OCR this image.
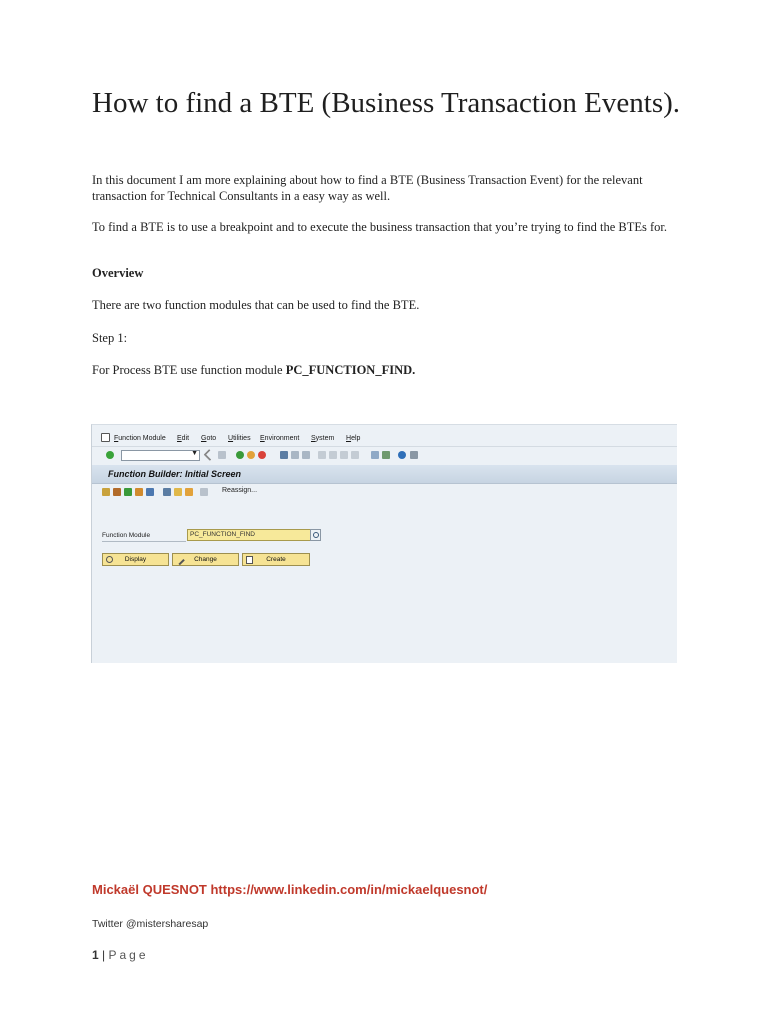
How to find a BTE (Business Transaction Events).

In this document I am more explaining about how to find a BTE (Business Transaction Event) for the relevant transaction for Technical Consultants in a easy way as well.

To find a BTE is to use a breakpoint and to execute the business transaction that you’re trying to find the BTEs for.

Overview

There are two function modules that can be used to find the BTE.

Step 1:

For Process BTE use function module PC_FUNCTION_FIND.

Function Module Edit Goto Utilities Environment System Help
▼
Function Builder: Initial Screen
Reassign...
Function Module	PC_FUNCTION_FIND
Display	Change	Create
Mickaël QUESNOT https://www.linkedin.com/in/mickaelquesnot/
Twitter @mistersharesap
1 | Page
